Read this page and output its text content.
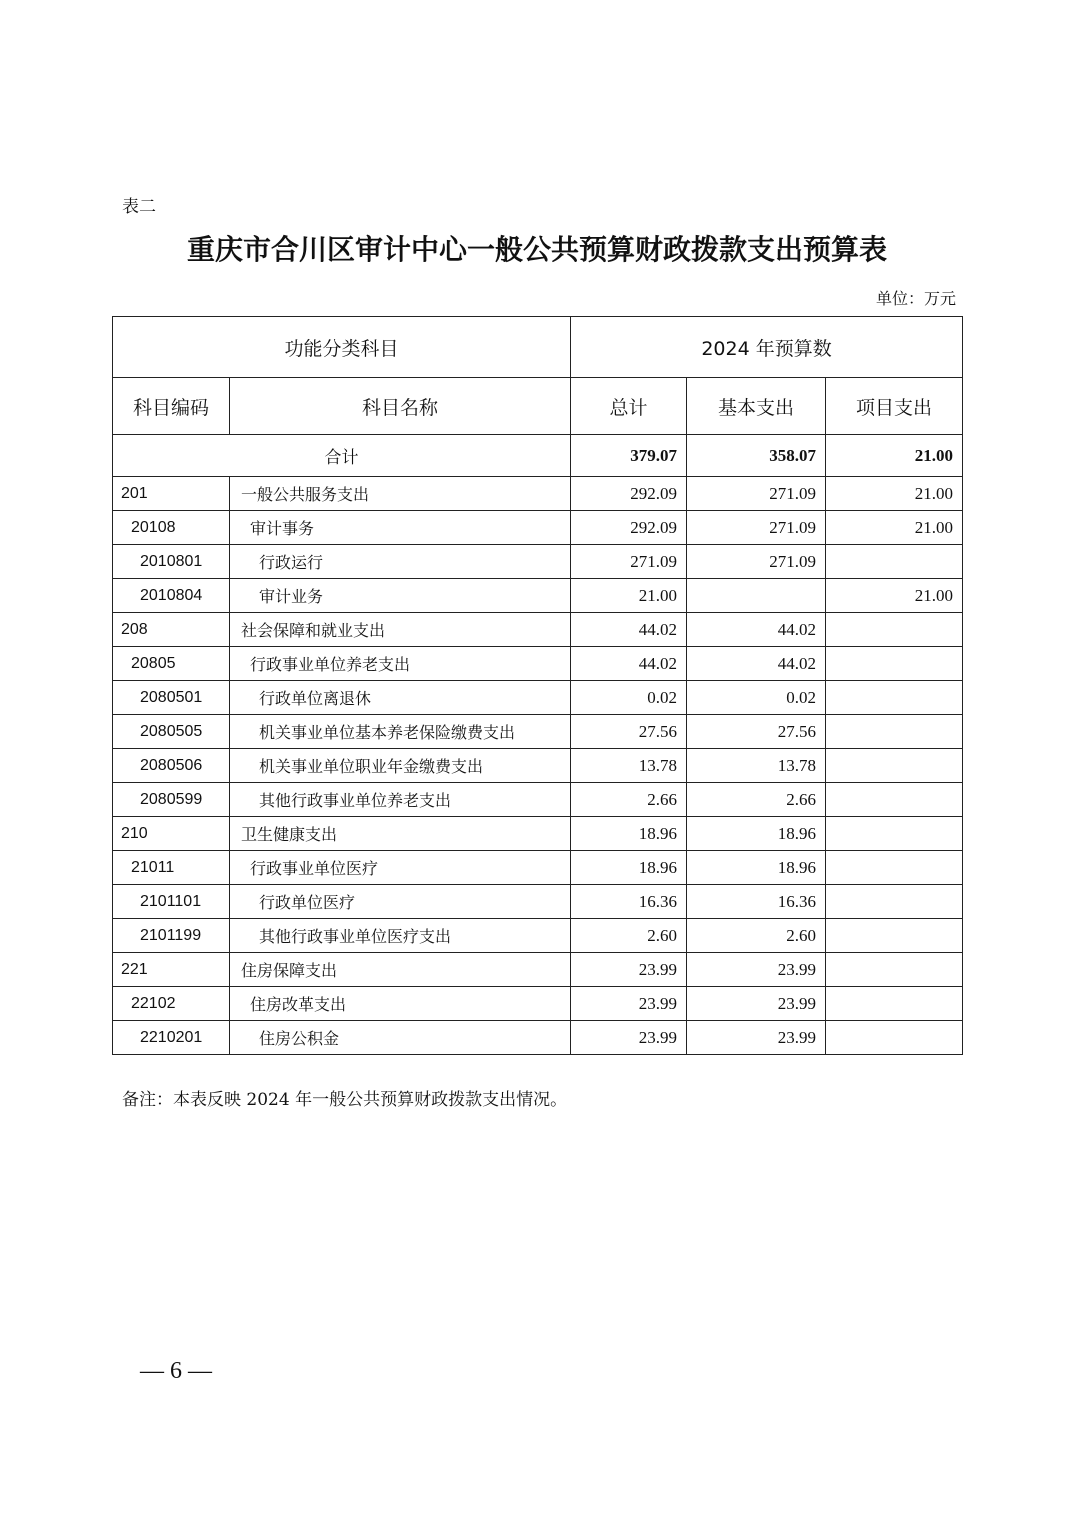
表二
重庆市合川区审计中心一般公共预算财政拨款支出预算表
单位：万元
功能分类科目		2024 年预算数		
科目编码	科目名称	总计	基本支出	项目支出
合计		379.07	358.07	21.00
201	一般公共服务支出	292.09	271.09	21.00
20108	审计事务	292.09	271.09	21.00
2010801	行政运行	271.09	271.09	
2010804	审计业务	21.00		21.00
208	社会保障和就业支出	44.02	44.02	
20805	行政事业单位养老支出	44.02	44.02	
2080501	行政单位离退休	0.02	0.02	
2080505	机关事业单位基本养老保险缴费支出	27.56	27.56	
2080506	机关事业单位职业年金缴费支出	13.78	13.78	
2080599	其他行政事业单位养老支出	2.66	2.66	
210	卫生健康支出	18.96	18.96	
21011	行政事业单位医疗	18.96	18.96	
2101101	行政单位医疗	16.36	16.36	
2101199	其他行政事业单位医疗支出	2.60	2.60	
221	住房保障支出	23.99	23.99	
22102	住房改革支出	23.99	23.99	
2210201	住房公积金	23.99	23.99	
备注：本表反映 2024 年一般公共预算财政拨款支出情况。
— 6 —
